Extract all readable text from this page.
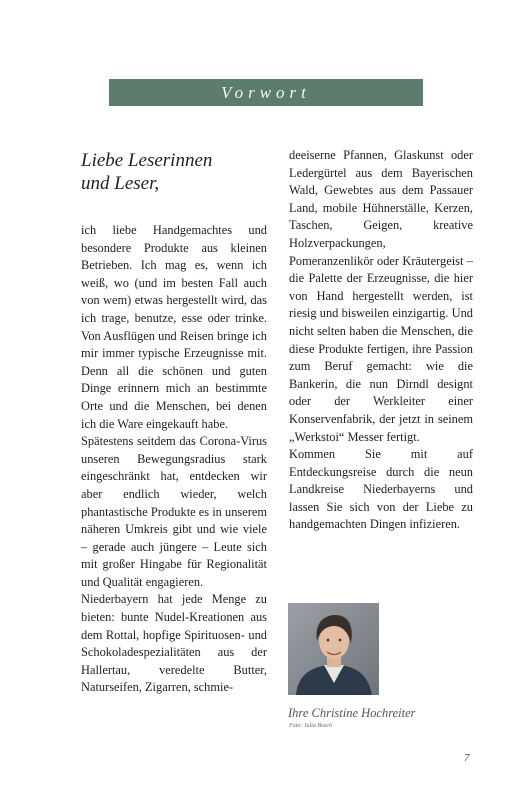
Vorwort
Liebe Leserinnen
und Leser,

ich liebe Handgemachtes und besondere Produkte aus kleinen Betrieben. Ich mag es, wenn ich weiß, wo (und im besten Fall auch von wem) etwas hergestellt wird, das ich trage, benutze, esse oder trinke. Von Ausflügen und Reisen bringe ich mir immer typische Erzeugnisse mit. Denn all die schönen und guten Dinge erinnern mich an bestimmte Orte und die Menschen, bei denen ich die Ware eingekauft habe.

Spätestens seitdem das Corona-Virus unseren Bewegungsradius stark eingeschränkt hat, entdecken wir aber endlich wieder, welch phantastische Produkte es in unserem näheren Umkreis gibt und wie viele – gerade auch jüngere – Leute sich mit großer Hingabe für Regionalität und Qualität engagieren.

Niederbayern hat jede Menge zu bieten: bunte Nudel-Kreationen aus dem Rottal, hopfige Spirituosen- und Schokoladespezialitäten aus der Hallertau, veredelte Butter, Naturseifen, Zigarren, schmie-

deeiserne Pfannen, Glaskunst oder Ledergürtel aus dem Bayerischen Wald, Gewebtes aus dem Passauer Land, mobile Hühnerställe, Kerzen, Taschen, Geigen, kreative Holzverpackungen, Pomeranzenlikör oder Kräutergeist – die Palette der Erzeugnisse, die hier von Hand hergestellt werden, ist riesig und bisweilen einzigartig. Und nicht selten haben die Menschen, die diese Produkte fertigen, ihre Passion zum Beruf gemacht: wie die Bankerin, die nun Dirndl designt oder der Werkleiter einer Konservenfabrik, der jetzt in seinem „Werkstoi“ Messer fertigt.

Kommen Sie mit auf Entdeckungsreise durch die neun Landkreise Niederbayerns und lassen Sie sich von der Liebe zu handgemachten Dingen infizieren.

Ihre Christine Hochreiter
Foto: Julia Bosch
7
